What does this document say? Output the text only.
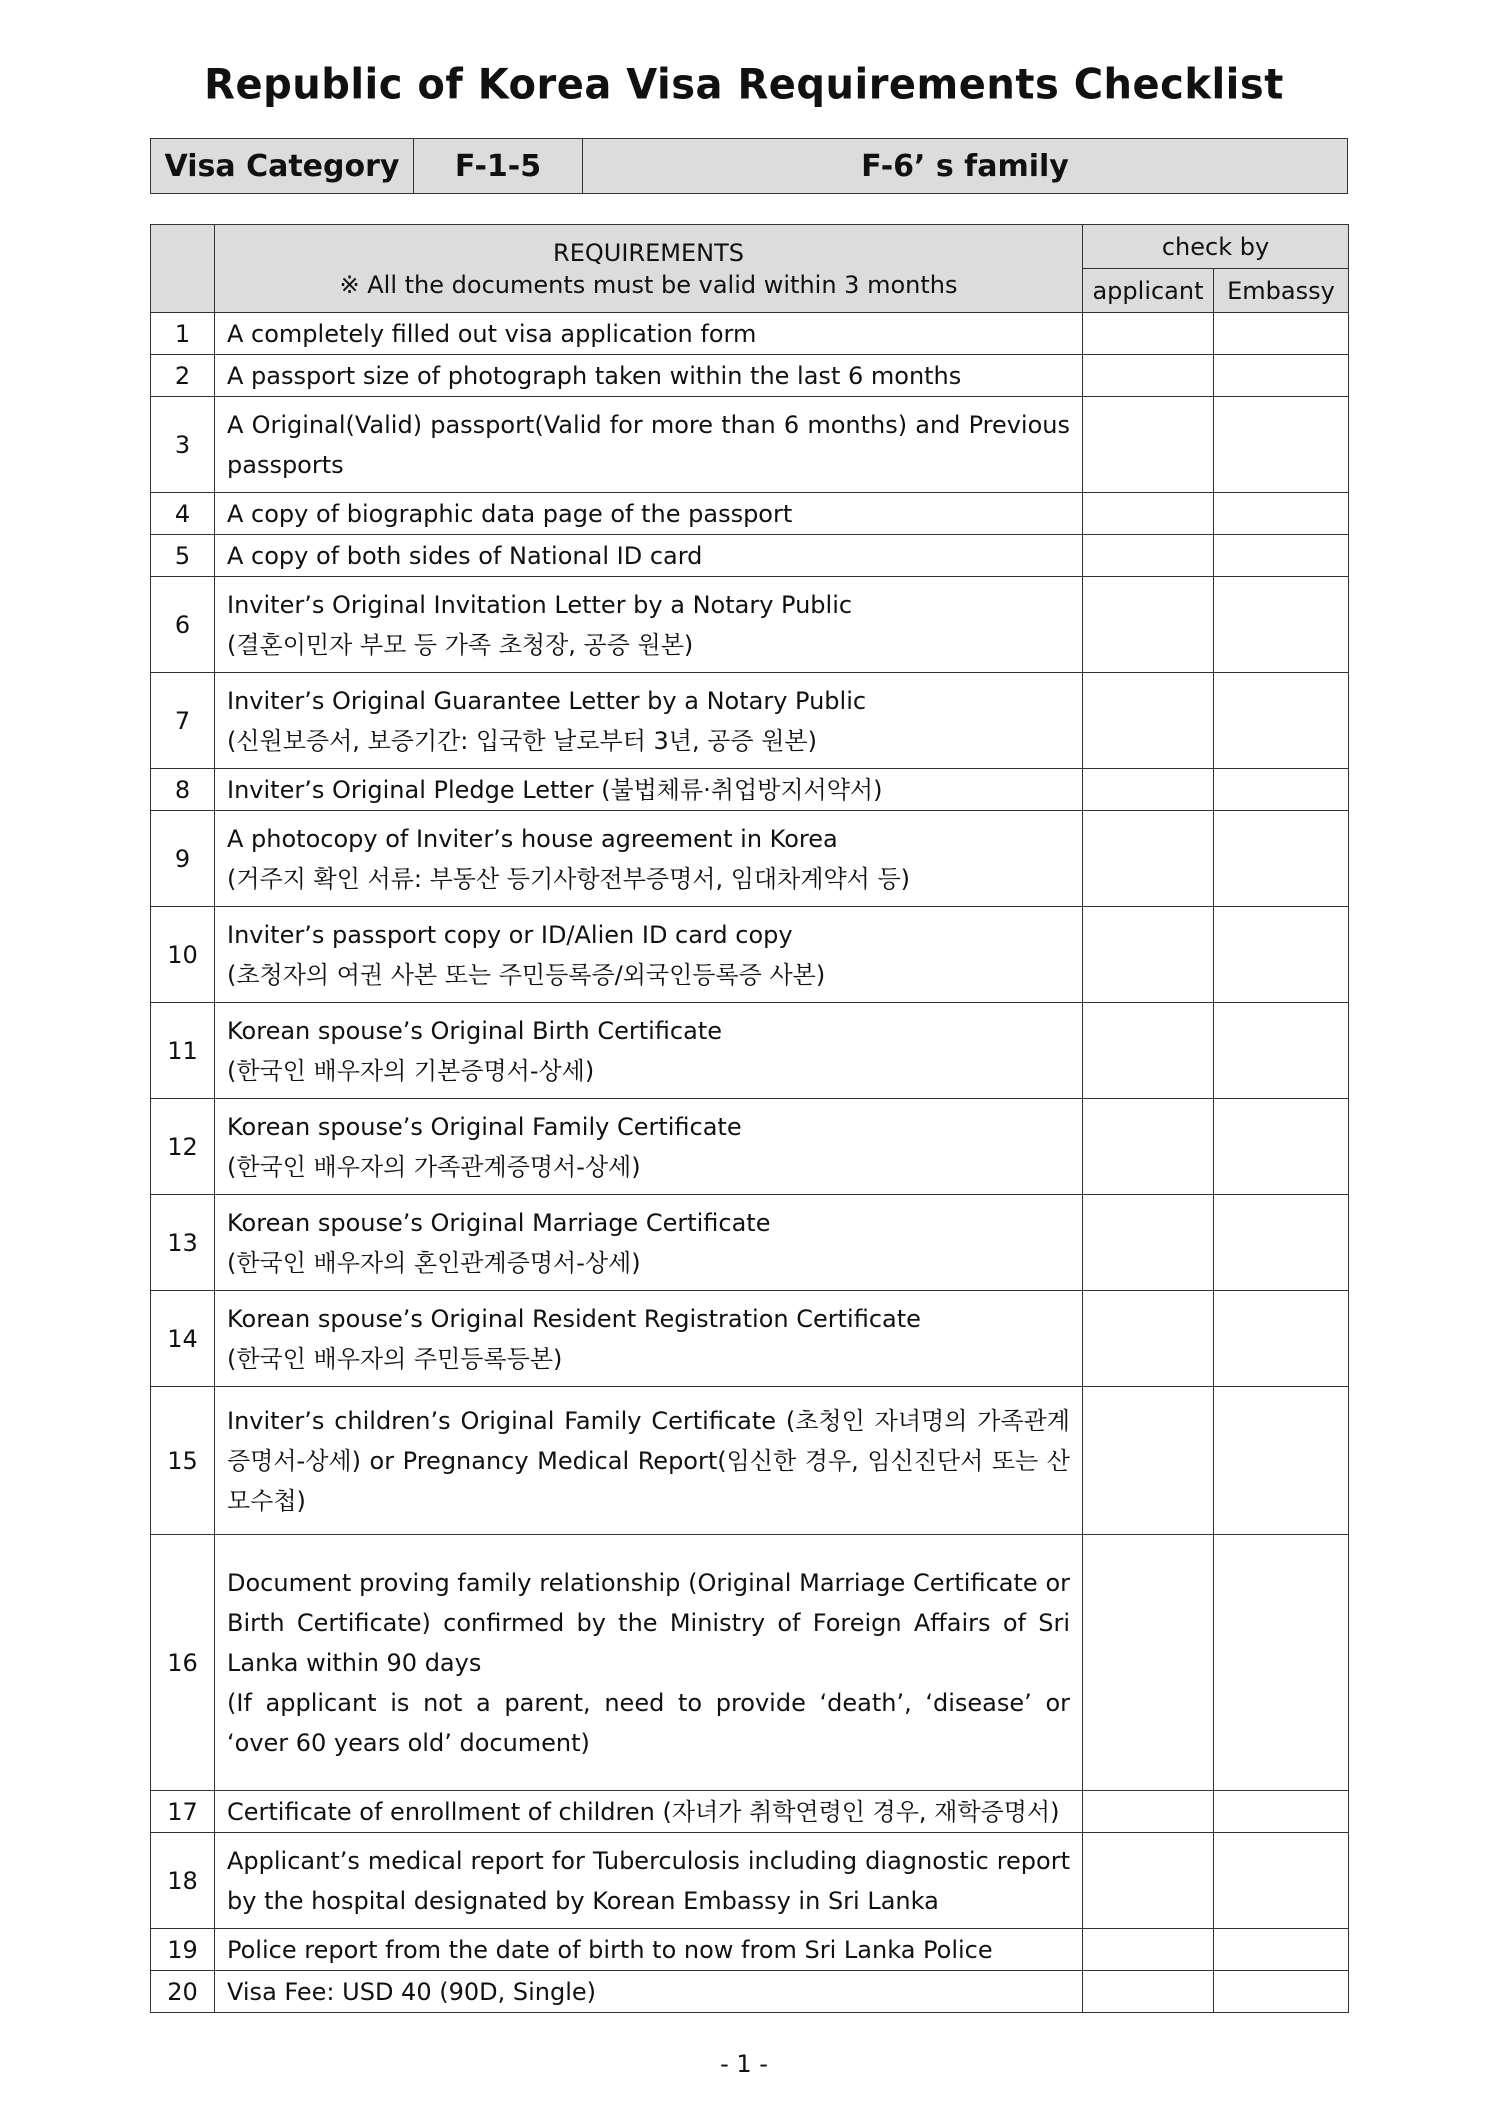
Republic of Korea Visa Requirements Checklist
Visa Category	F-1-5	F-6’ s family

	REQUIREMENTS
※ All the documents must be valid within 3 months	check by	
		applicant	Embassy
1	A completely filled out visa application form		

2	A passport size of photograph taken within the last 6 months		

3	A Original(Valid) passport(Valid for more than 6 months) and Previous passports		

4	A copy of biographic data page of the passport		

5	A copy of both sides of National ID card		

6	Inviter’s Original Invitation Letter by a Notary Public
(결혼이민자 부모 등 가족 초청장, 공증 원본)		

7	Inviter’s Original Guarantee Letter by a Notary Public
(신원보증서, 보증기간: 입국한 날로부터 3년, 공증 원본)		

8	Inviter’s Original Pledge Letter (불법체류·취업방지서약서)		

9	A photocopy of Inviter’s house agreement in Korea
(거주지 확인 서류: 부동산 등기사항전부증명서, 임대차계약서 등)		

10	Inviter’s passport copy or ID/Alien ID card copy
(초청자의 여권 사본 또는 주민등록증/외국인등록증 사본)		

11	Korean spouse’s Original Birth Certificate
(한국인 배우자의 기본증명서-상세)		

12	Korean spouse’s Original Family Certificate
(한국인 배우자의 가족관계증명서-상세)		

13	Korean spouse’s Original Marriage Certificate
(한국인 배우자의 혼인관계증명서-상세)		

14	Korean spouse’s Original Resident Registration Certificate
(한국인 배우자의 주민등록등본)		

15	Inviter’s children’s Original Family Certificate (초청인 자녀명의 가족관계증명서-상세) or Pregnancy Medical Report(임신한 경우, 임신진단서 또는 산모수첩)		

16	Document proving family relationship (Original Marriage Certificate or Birth Certificate) confirmed by the Ministry of Foreign Affairs of Sri Lanka within 90 days
(If applicant is not a parent, need to provide ‘death’, ‘disease’ or ‘over 60 years old’ document)		

17	Certificate of enrollment of children (자녀가 취학연령인 경우, 재학증명서)		

18	Applicant’s medical report for Tuberculosis including diagnostic report by the hospital designated by Korean Embassy in Sri Lanka		

19	Police report from the date of birth to now from Sri Lanka Police		

20	Visa Fee: USD 40 (90D, Single)		

- 1 -
